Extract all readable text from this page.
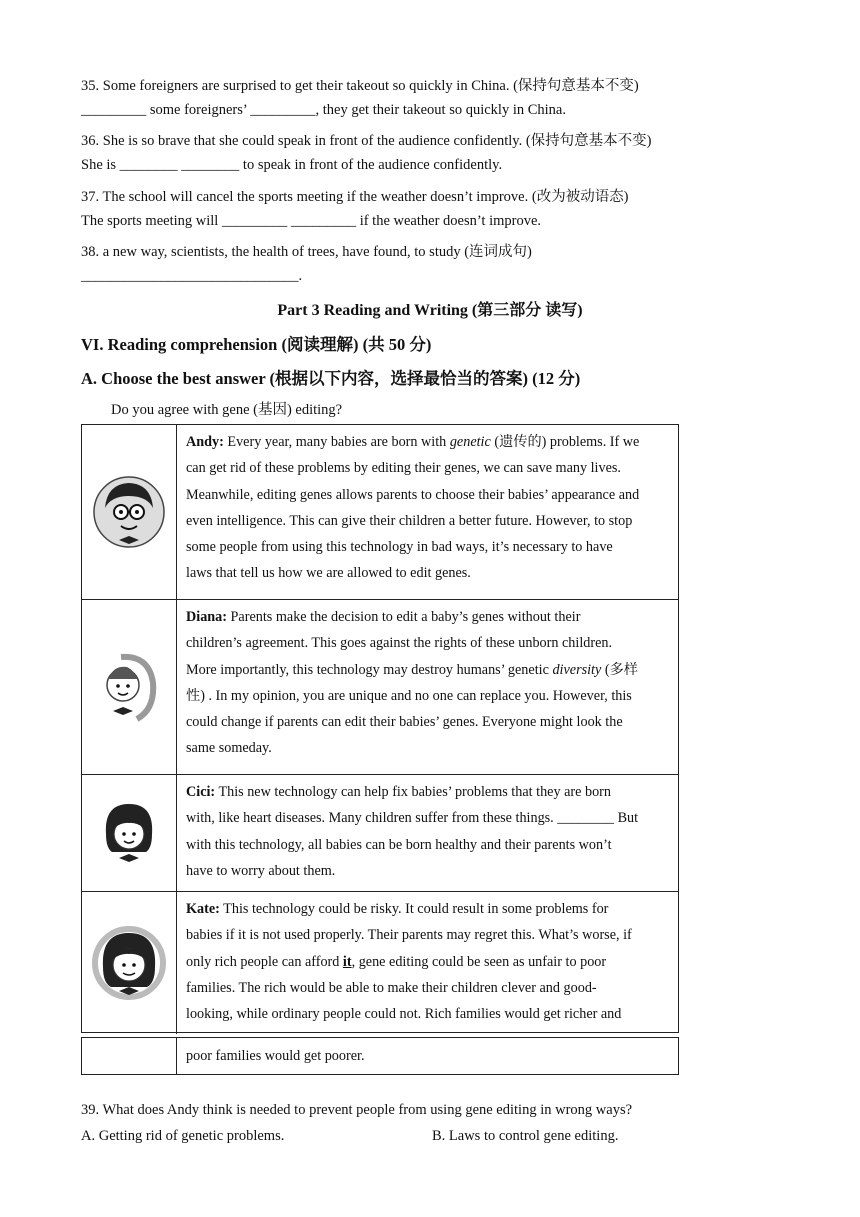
35. Some foreigners are surprised to get their takeout so quickly in China. (保持句意基本不变)
_________ some foreigners’ _________, they get their takeout so quickly in China.
36. She is so brave that she could speak in front of the audience confidently. (保持句意基本不变)
She is ________ ________ to speak in front of the audience confidently.
37. The school will cancel the sports meeting if the weather doesn’t improve. (改为被动语态)
The sports meeting will _________ _________ if the weather doesn’t improve.
38. a new way, scientists, the health of trees, have found, to study (连词成句)
______________________________.
Part 3 Reading and Writing (第三部分 读写)
VI. Reading comprehension (阅读理解) (共 50 分)
A. Choose the best answer (根据以下内容，选择最恰当的答案) (12 分)
Do you agree with gene (基因) editing?
Andy: Every year, many babies are born with genetic (遗传的) problems. If we
can get rid of these problems by editing their genes, we can save many lives.
Meanwhile, editing genes allows parents to choose their babies’ appearance and
even intelligence. This can give their children a better future. However, to stop
some people from using this technology in bad ways, it’s necessary to have
laws that tell us how we are allowed to edit genes.
Diana: Parents make the decision to edit a baby’s genes without their
children’s agreement. This goes against the rights of these unborn children.
More importantly, this technology may destroy humans’ genetic diversity (多样
性) . In my opinion, you are unique and no one can replace you. However, this
could change if parents can edit their babies’ genes. Everyone might look the
same someday.
Cici: This new technology can help fix babies’ problems that they are born
with, like heart diseases. Many children suffer from these things. ________ But
with this technology, all babies can be born healthy and their parents won’t
have to worry about them.
Kate: This technology could be risky. It could result in some problems for
babies if it is not used properly. Their parents may regret this. What’s worse, if
only rich people can afford it, gene editing could be seen as unfair to poor
families. The rich would be able to make their children clever and good-
looking, while ordinary people could not. Rich families would get richer and
poor families would get poorer.
39. What does Andy think is needed to prevent people from using gene editing in wrong ways?
A. Getting rid of genetic problems.	B. Laws to control gene editing.
